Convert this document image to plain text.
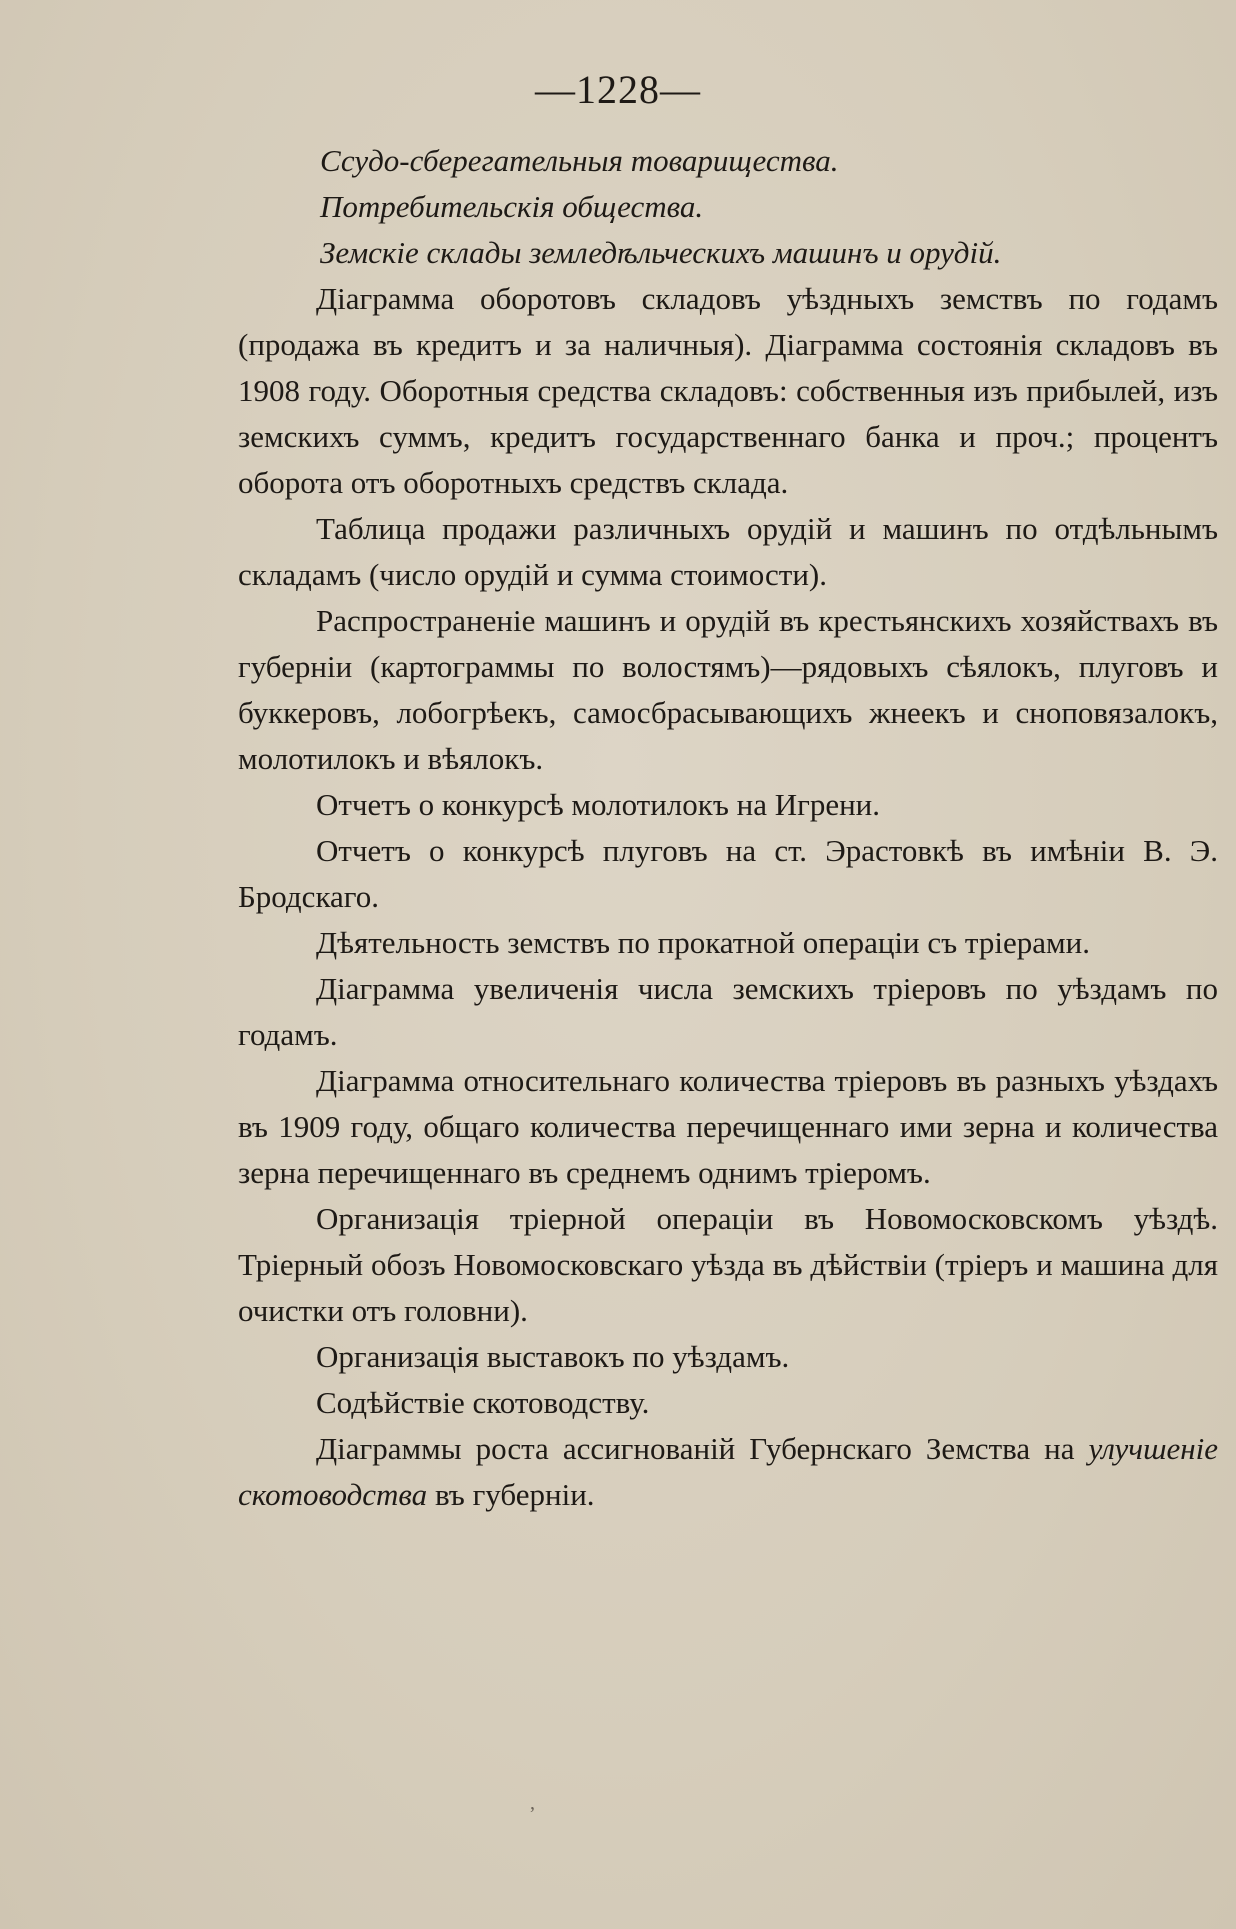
—1228—

Ссудо-сберегательныя товарищества.

Потребительскія общества.

Земскіе склады земледѣльческихъ машинъ и орудій.

Діаграмма оборотовъ складовъ уѣздныхъ земствъ по годамъ (продажа въ кредитъ и за наличныя). Діаграмма состоянія складовъ въ 1908 году. Оборотныя средства складовъ: собственныя изъ прибылей, изъ земскихъ суммъ, кредитъ государственнаго банка и проч.; процентъ оборота отъ оборотныхъ средствъ склада.

Таблица продажи различныхъ орудій и машинъ по отдѣльнымъ складамъ (число орудій и сумма стоимости).

Распространеніе машинъ и орудій въ крестьянскихъ хозяйствахъ въ губерніи (картограммы по волостямъ)—рядовыхъ сѣялокъ, плуговъ и буккеровъ, лобогрѣекъ, самосбрасывающихъ жнеекъ и сноповязалокъ, молотилокъ и вѣялокъ.

Отчетъ о конкурсѣ молотилокъ на Игрени.

Отчетъ о конкурсѣ плуговъ на ст. Эрастовкѣ въ имѣніи В. Э. Бродскаго.

Дѣятельность земствъ по прокатной операціи съ тріерами.

Діаграмма увеличенія числа земскихъ тріеровъ по уѣздамъ по годамъ.

Діаграмма относительнаго количества тріеровъ въ разныхъ уѣздахъ въ 1909 году, общаго количества перечищеннаго ими зерна и количества зерна перечищеннаго въ среднемъ однимъ тріеромъ.

Организація тріерной операціи въ Новомосковскомъ уѣздѣ. Тріерный обозъ Новомосковскаго уѣзда въ дѣйствіи (тріеръ и машина для очистки отъ головни).

Организація выставокъ по уѣздамъ.

Содѣйствіе скотоводству.

Діаграммы роста ассигнованій Губернскаго Земства на улучшеніе скотоводства въ губерніи.

,
